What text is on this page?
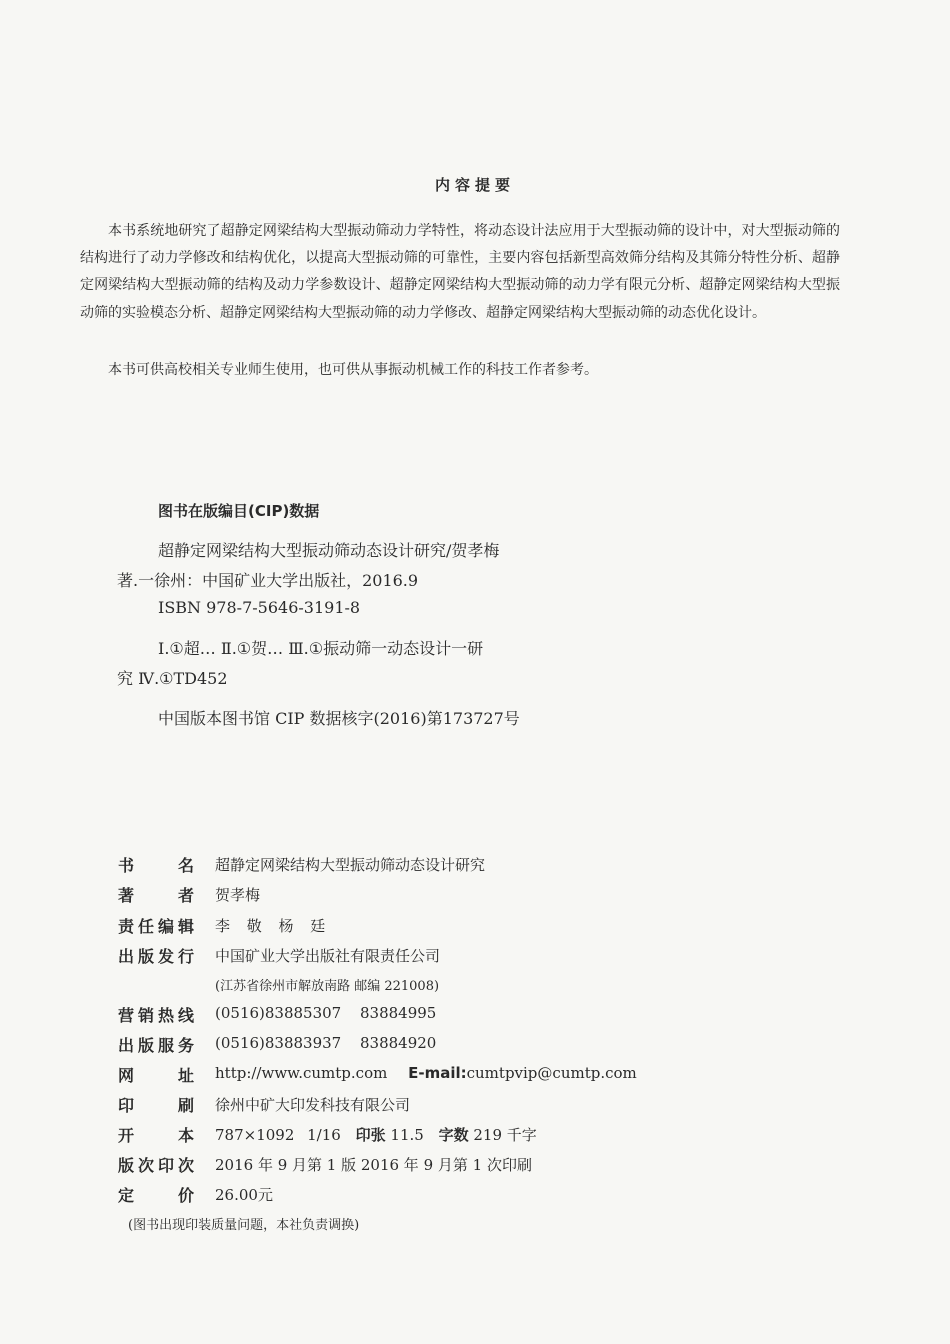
内容提要

本书系统地研究了超静定网梁结构大型振动筛动力学特性，将动态设计法应用于大型振动筛的设计中，对大型振动筛的结构进行了动力学修改和结构优化，以提高大型振动筛的可靠性，主要内容包括新型高效筛分结构及其筛分特性分析、超静定网梁结构大型振动筛的结构及动力学参数设计、超静定网梁结构大型振动筛的动力学有限元分析、超静定网梁结构大型振动筛的实验模态分析、超静定网梁结构大型振动筛的动力学修改、超静定网梁结构大型振动筛的动态优化设计。

本书可供高校相关专业师生使用，也可供从事振动机械工作的科技工作者参考。

图书在版编目(CIP)数据
超静定网梁结构大型振动筛动态设计研究/贺孝梅
著.一徐州：中国矿业大学出版社，2016.9
ISBN 978-7-5646-3191-8
Ⅰ.①超… Ⅱ.①贺… Ⅲ.①振动筛一动态设计一研
究 Ⅳ.①TD452
中国版本图书馆 CIP 数据核字(2016)第173727号
书名 超静定网梁结构大型振动筛动态设计研究
著者 贺孝梅
责任编辑 李 敬 杨 廷
出版发行 中国矿业大学出版社有限责任公司
(江苏省徐州市解放南路 邮编 221008)
营销热线 (0516)83885307 83884995
出版服务 (0516)83883937 83884920
网址 http://www.cumtp.com E-mail:cumtpvip@cumtp.com
印刷 徐州中矿大印发科技有限公司
开本 787×1092 1/16 印张 11.5 字数 219 千字
版次印次 2016 年 9 月第 1 版 2016 年 9 月第 1 次印刷
定价 26.00元
(图书出现印装质量问题，本社负责调换)
